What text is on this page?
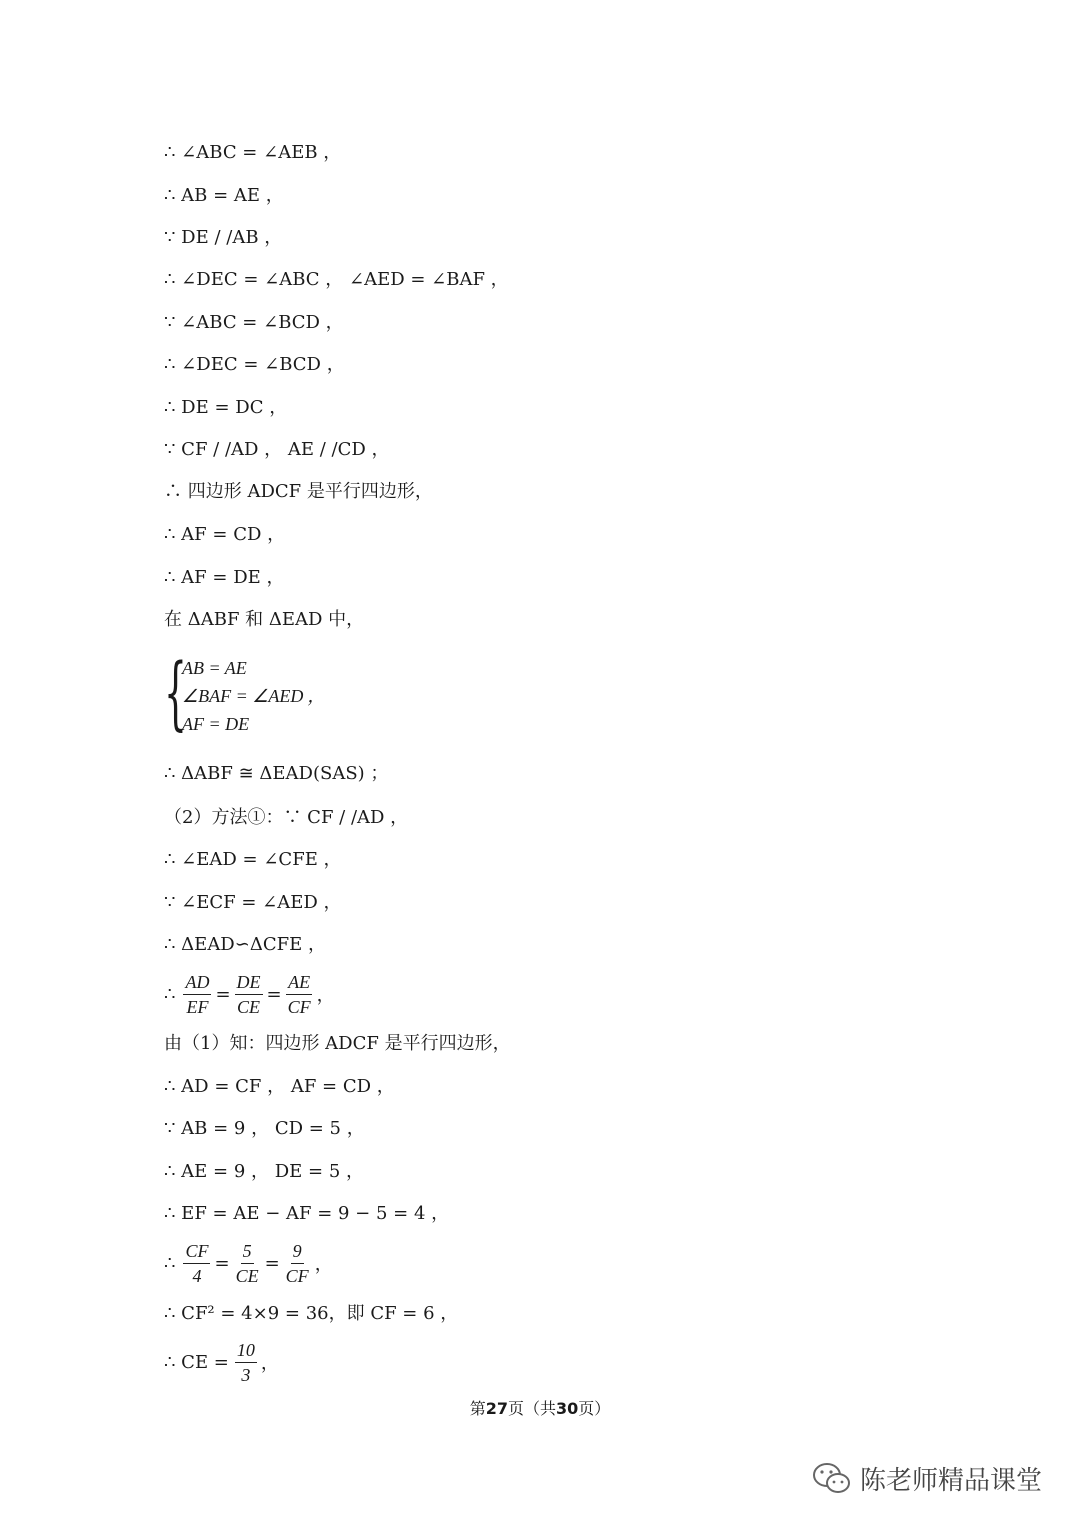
∴ ∠ABC = ∠AEB ，
∴ AB = AE ，
∵ DE / /AB ，
∴ ∠DEC = ∠ABC ， ∠AED = ∠BAF ，
∵ ∠ABC = ∠BCD ，
∴ ∠DEC = ∠BCD ，
∴ DE = DC ，
∵ CF / /AD ， AE / /CD ，
∴ 四边形 ADCF 是平行四边形，
∴ AF = CD ，
∴ AF = DE ，
在 ΔABF 和 ΔEAD 中，
{
AB = AE
∠BAF = ∠AED ，
AF = DE
∴ ΔABF ≅ ΔEAD(SAS) ；
（2）方法①：∵ CF / /AD ，
∴ ∠EAD = ∠CFE ，
∵ ∠ECF = ∠AED ，
∴ ΔEAD∽ΔCFE ，
∴ $\frac{AD}{EF} = \frac{DE}{CE} = \frac{AE}{CF}$ ，
由（1）知：四边形 ADCF 是平行四边形，
∴ AD = CF ， AF = CD ，
∵ AB = 9 ， CD = 5 ，
∴ AE = 9 ， DE = 5 ，
∴ EF = AE − AF = 9 − 5 = 4 ，
∴ $\frac{CF}{4} = \frac{5}{CE} = \frac{9}{CF}$ ，
∴ CF² = 4×9 = 36，即 CF = 6 ，
∴ CE = $\frac{10}{3}$ ，
第27页（共30页）
陈老师精品课堂
